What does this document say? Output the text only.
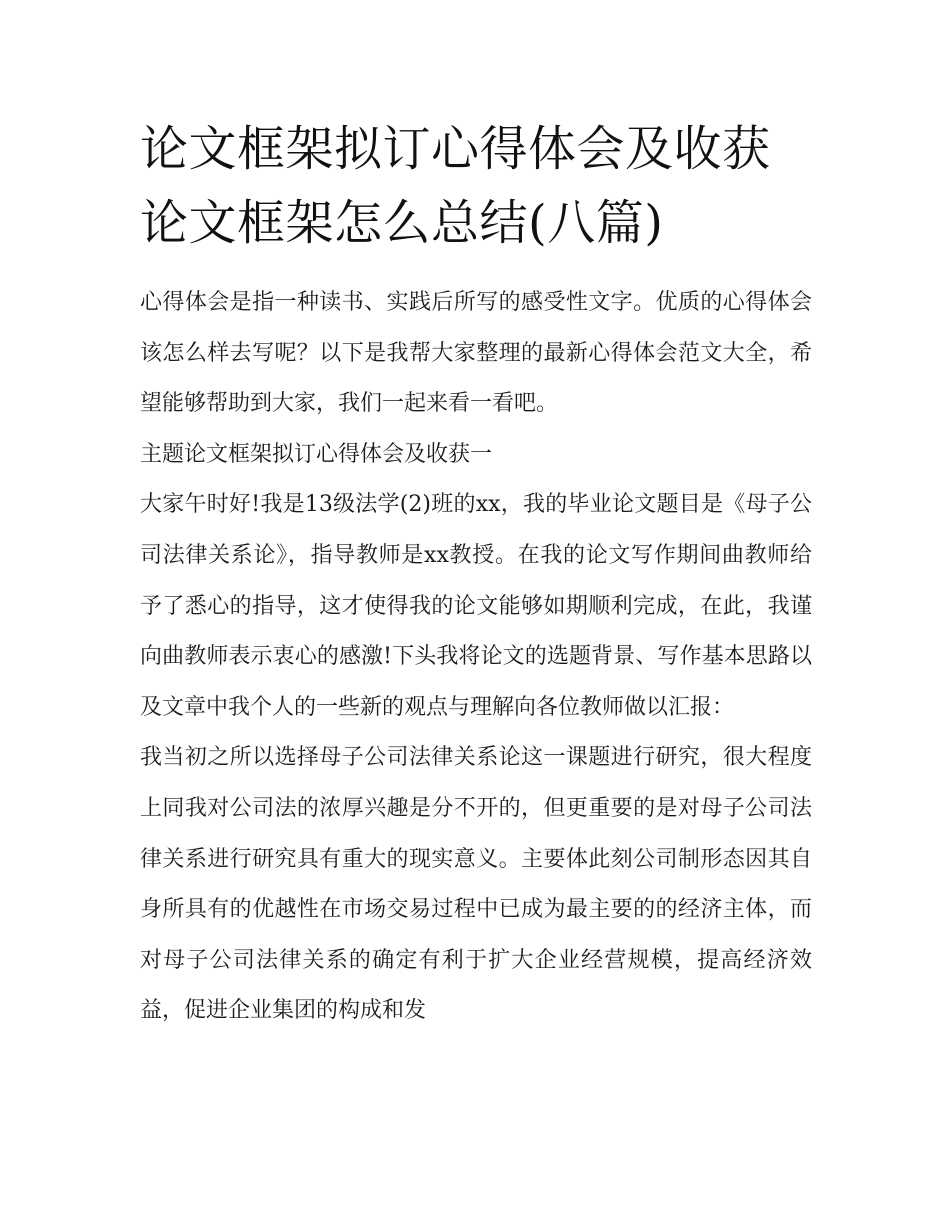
论文框架拟订心得体会及收获
论文框架怎么总结(八篇)

心得体会是指一种读书、实践后所写的感受性文字。优质的心得体会该怎么样去写呢？以下是我帮大家整理的最新心得体会范文大全，希望能够帮助到大家，我们一起来看一看吧。

主题论文框架拟订心得体会及收获一

大家午时好!我是13级法学(2)班的xx，我的毕业论文题目是《母子公司法律关系论》，指导教师是xx教授。在我的论文写作期间曲教师给予了悉心的指导，这才使得我的论文能够如期顺利完成，在此，我谨向曲教师表示衷心的感激!下头我将论文的选题背景、写作基本思路以及文章中我个人的一些新的观点与理解向各位教师做以汇报：

我当初之所以选择母子公司法律关系论这一课题进行研究，很大程度上同我对公司法的浓厚兴趣是分不开的，但更重要的是对母子公司法律关系进行研究具有重大的现实意义。主要体此刻公司制形态因其自身所具有的优越性在市场交易过程中已成为最主要的的经济主体，而对母子公司法律关系的确定有利于扩大企业经营规模，提高经济效益，促进企业集团的构成和发
